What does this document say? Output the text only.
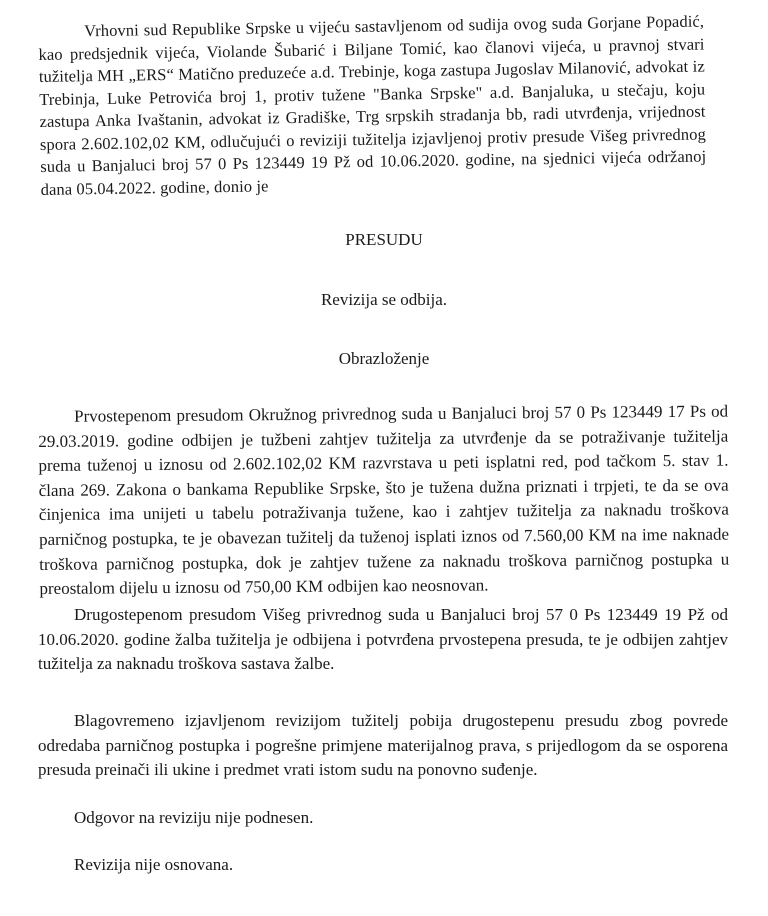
Vrhovni sud Republike Srpske u vijeću sastavljenom od sudija ovog suda Gorjane Popadić, kao predsjednik vijeća, Violande Šubarić i Biljane Tomić, kao članovi vijeća, u pravnoj stvari tužitelja MH „ERS“ Matično preduzeće a.d. Trebinje, koga zastupa Jugoslav Milanović, advokat iz Trebinja, Luke Petrovića broj 1, protiv tužene "Banka Srpske" a.d. Banjaluka, u stečaju, koju zastupa Anka Ivaštanin, advokat iz Gradiške, Trg srpskih stradanja bb, radi utvrđenja, vrijednost spora 2.602.102,02 KM, odlučujući o reviziji tužitelja izjavljenoj protiv presude Višeg privrednog suda u Banjaluci broj 57 0 Ps 123449 19 Pž od 10.06.2020. godine, na sjednici vijeća održanoj dana 05.04.2022. godine, donio je

PRESUDU
Revizija se odbija.
Obrazloženje

Prvostepenom presudom Okružnog privrednog suda u Banjaluci broj 57 0 Ps 123449 17 Ps od 29.03.2019. godine odbijen je tužbeni zahtjev tužitelja za utvrđenje da se potraživanje tužitelja prema tuženoj u iznosu od 2.602.102,02 KM razvrstava u peti isplatni red, pod tačkom 5. stav 1. člana 269. Zakona o bankama Republike Srpske, što je tužena dužna priznati i trpjeti, te da se ova činjenica ima unijeti u tabelu potraživanja tužene, kao i zahtjev tužitelja za naknadu troškova parničnog postupka, te je obavezan tužitelj da tuženoj isplati iznos od 7.560,00 KM na ime naknade troškova parničnog postupka, dok je zahtjev tužene za naknadu troškova parničnog postupka u preostalom dijelu u iznosu od 750,00 KM odbijen kao neosnovan.

Drugostepenom presudom Višeg privrednog suda u Banjaluci broj 57 0 Ps 123449 19 Pž od 10.06.2020. godine žalba tužitelja je odbijena i potvrđena prvostepena presuda, te je odbijen zahtjev tužitelja za naknadu troškova sastava žalbe.

Blagovremeno izjavljenom revizijom tužitelj pobija drugostepenu presudu zbog povrede odredaba parničnog postupka i pogrešne primjene materijalnog prava, s prijedlogom da se osporena presuda preinači ili ukine i predmet vrati istom sudu na ponovno suđenje.

Odgovor na reviziju nije podnesen.

Revizija nije osnovana.
